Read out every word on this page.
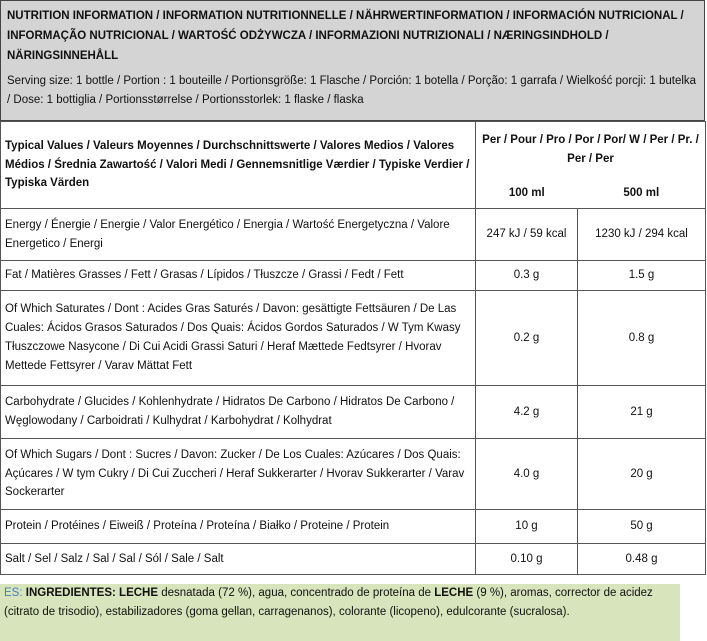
NUTRITION INFORMATION / INFORMATION NUTRITIONNELLE / NÄHRWERTINFORMATION / INFORMACIÓN NUTRICIONAL / INFORMAÇÃO NUTRICIONAL / WARTOŚĆ ODŻYWCZA / INFORMAZIONI NUTRIZIONALI / NÆRINGSINDHOLD / NÄRINGSINNEHÅLL
Serving size: 1 bottle / Portion : 1 bouteille / Portionsgröße: 1 Flasche / Porción: 1 botella / Porção: 1 garrafa / Wielkość porcji: 1 butelka / Dose: 1 bottiglia / Portionsstørrelse / Portionsstorlek: 1 flaske / flaska
Typical Values / Valeurs Moyennes / Durchschnittswerte / Valores Medios / Valores Médios / Średnia Zawartość / Valori Medi / Gennemsnitlige Værdier / Typiske Verdier / Typiska Värden	Per / Pour / Pro / Por / Por/ W / Per / Pr. / Per / Per
100 ml 500 ml	

Energy / Énergie / Energie / Valor Energético / Energia / Wartość Energetyczna / Valore Energetico / Energi	247 kJ / 59 kcal	1230 kJ / 294 kcal
Fat / Matières Grasses / Fett / Grasas / Lípidos / Tłuszcze / Grassi / Fedt / Fett	0.3 g	1.5 g
Of Which Saturates / Dont : Acides Gras Saturés / Davon: gesättigte Fettsäuren / De Las Cuales: Ácidos Grasos Saturados / Dos Quais: Ácidos Gordos Saturados / W Tym Kwasy Tłuszczowe Nasycone / Di Cui Acidi Grassi Saturi / Heraf Mættede Fedtsyrer / Hvorav Mettede Fettsyrer / Varav Mättat Fett	0.2 g	0.8 g
Carbohydrate / Glucides / Kohlenhydrate / Hidratos De Carbono / Hidratos De Carbono / Węglowodany / Carboidrati / Kulhydrat / Karbohydrat / Kolhydrat	4.2 g	21 g
Of Which Sugars / Dont : Sucres / Davon: Zucker / De Los Cuales: Azúcares / Dos Quais: Açúcares / W tym Cukry / Di Cui Zuccheri / Heraf Sukkerarter / Hvorav Sukkerarter / Varav Sockerarter	4.0 g	20 g
Protein / Protéines / Eiweiß / Proteína / Proteína / Białko / Proteine / Protein	10 g	50 g
Salt / Sel / Salz / Sal / Sal / Sól / Sale / Salt	0.10 g	0.48 g
ES: INGREDIENTES: LECHE desnatada (72 %), agua, concentrado de proteína de LECHE (9 %), aromas, corrector de acidez (citrato de trisodio), estabilizadores (goma gellan, carragenanos), colorante (licopeno), edulcorante (sucralosa).
